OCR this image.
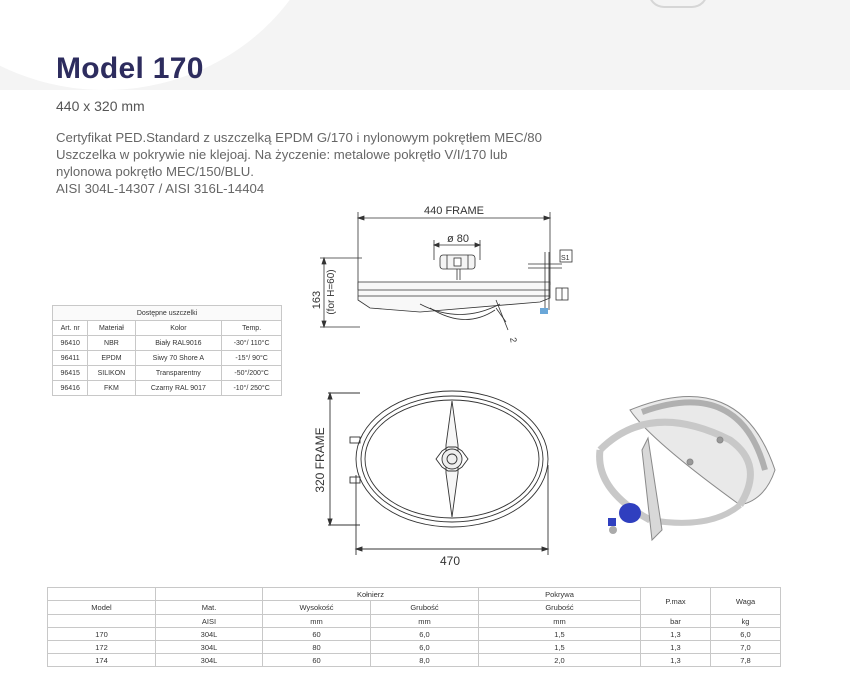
Model 170
440 x 320 mm
Certyfikat PED.Standard z uszczelką EPDM G/170 i nylonowym pokrętłem MEC/80
Uszczelka w pokrywie nie klejoaj. Na życzenie: metalowe pokrętło V/I/170 lub
nylonowa pokrętło MEC/150/BLU.
AISI 304L-14307 / AISI 316L-14404
440 FRAME
ø 80
163 (for H=60)
2
S1
320 FRAME
470
Dostępne uszczelki			
Art. nr	Materiał	Kolor	Temp.
96410	NBR	Biały RAL9016	-30°/ 110°C
96411	EPDM	Siwy 70 Shore A	-15°/ 90°C
96415	SILIKON	Transparentny	-50°/200°C
96416	FKM	Czarny RAL 9017	-10°/ 250°C
		Kołnierz		Pokrywa	P.max	Waga
Model	Mat.	Wysokość	Grubość	Grubość		
	AISI	mm	mm	mm	bar	kg
170	304L	60	6,0	1,5	1,3	6,0
172	304L	80	6,0	1,5	1,3	7,0
174	304L	60	8,0	2,0	1,3	7,8
